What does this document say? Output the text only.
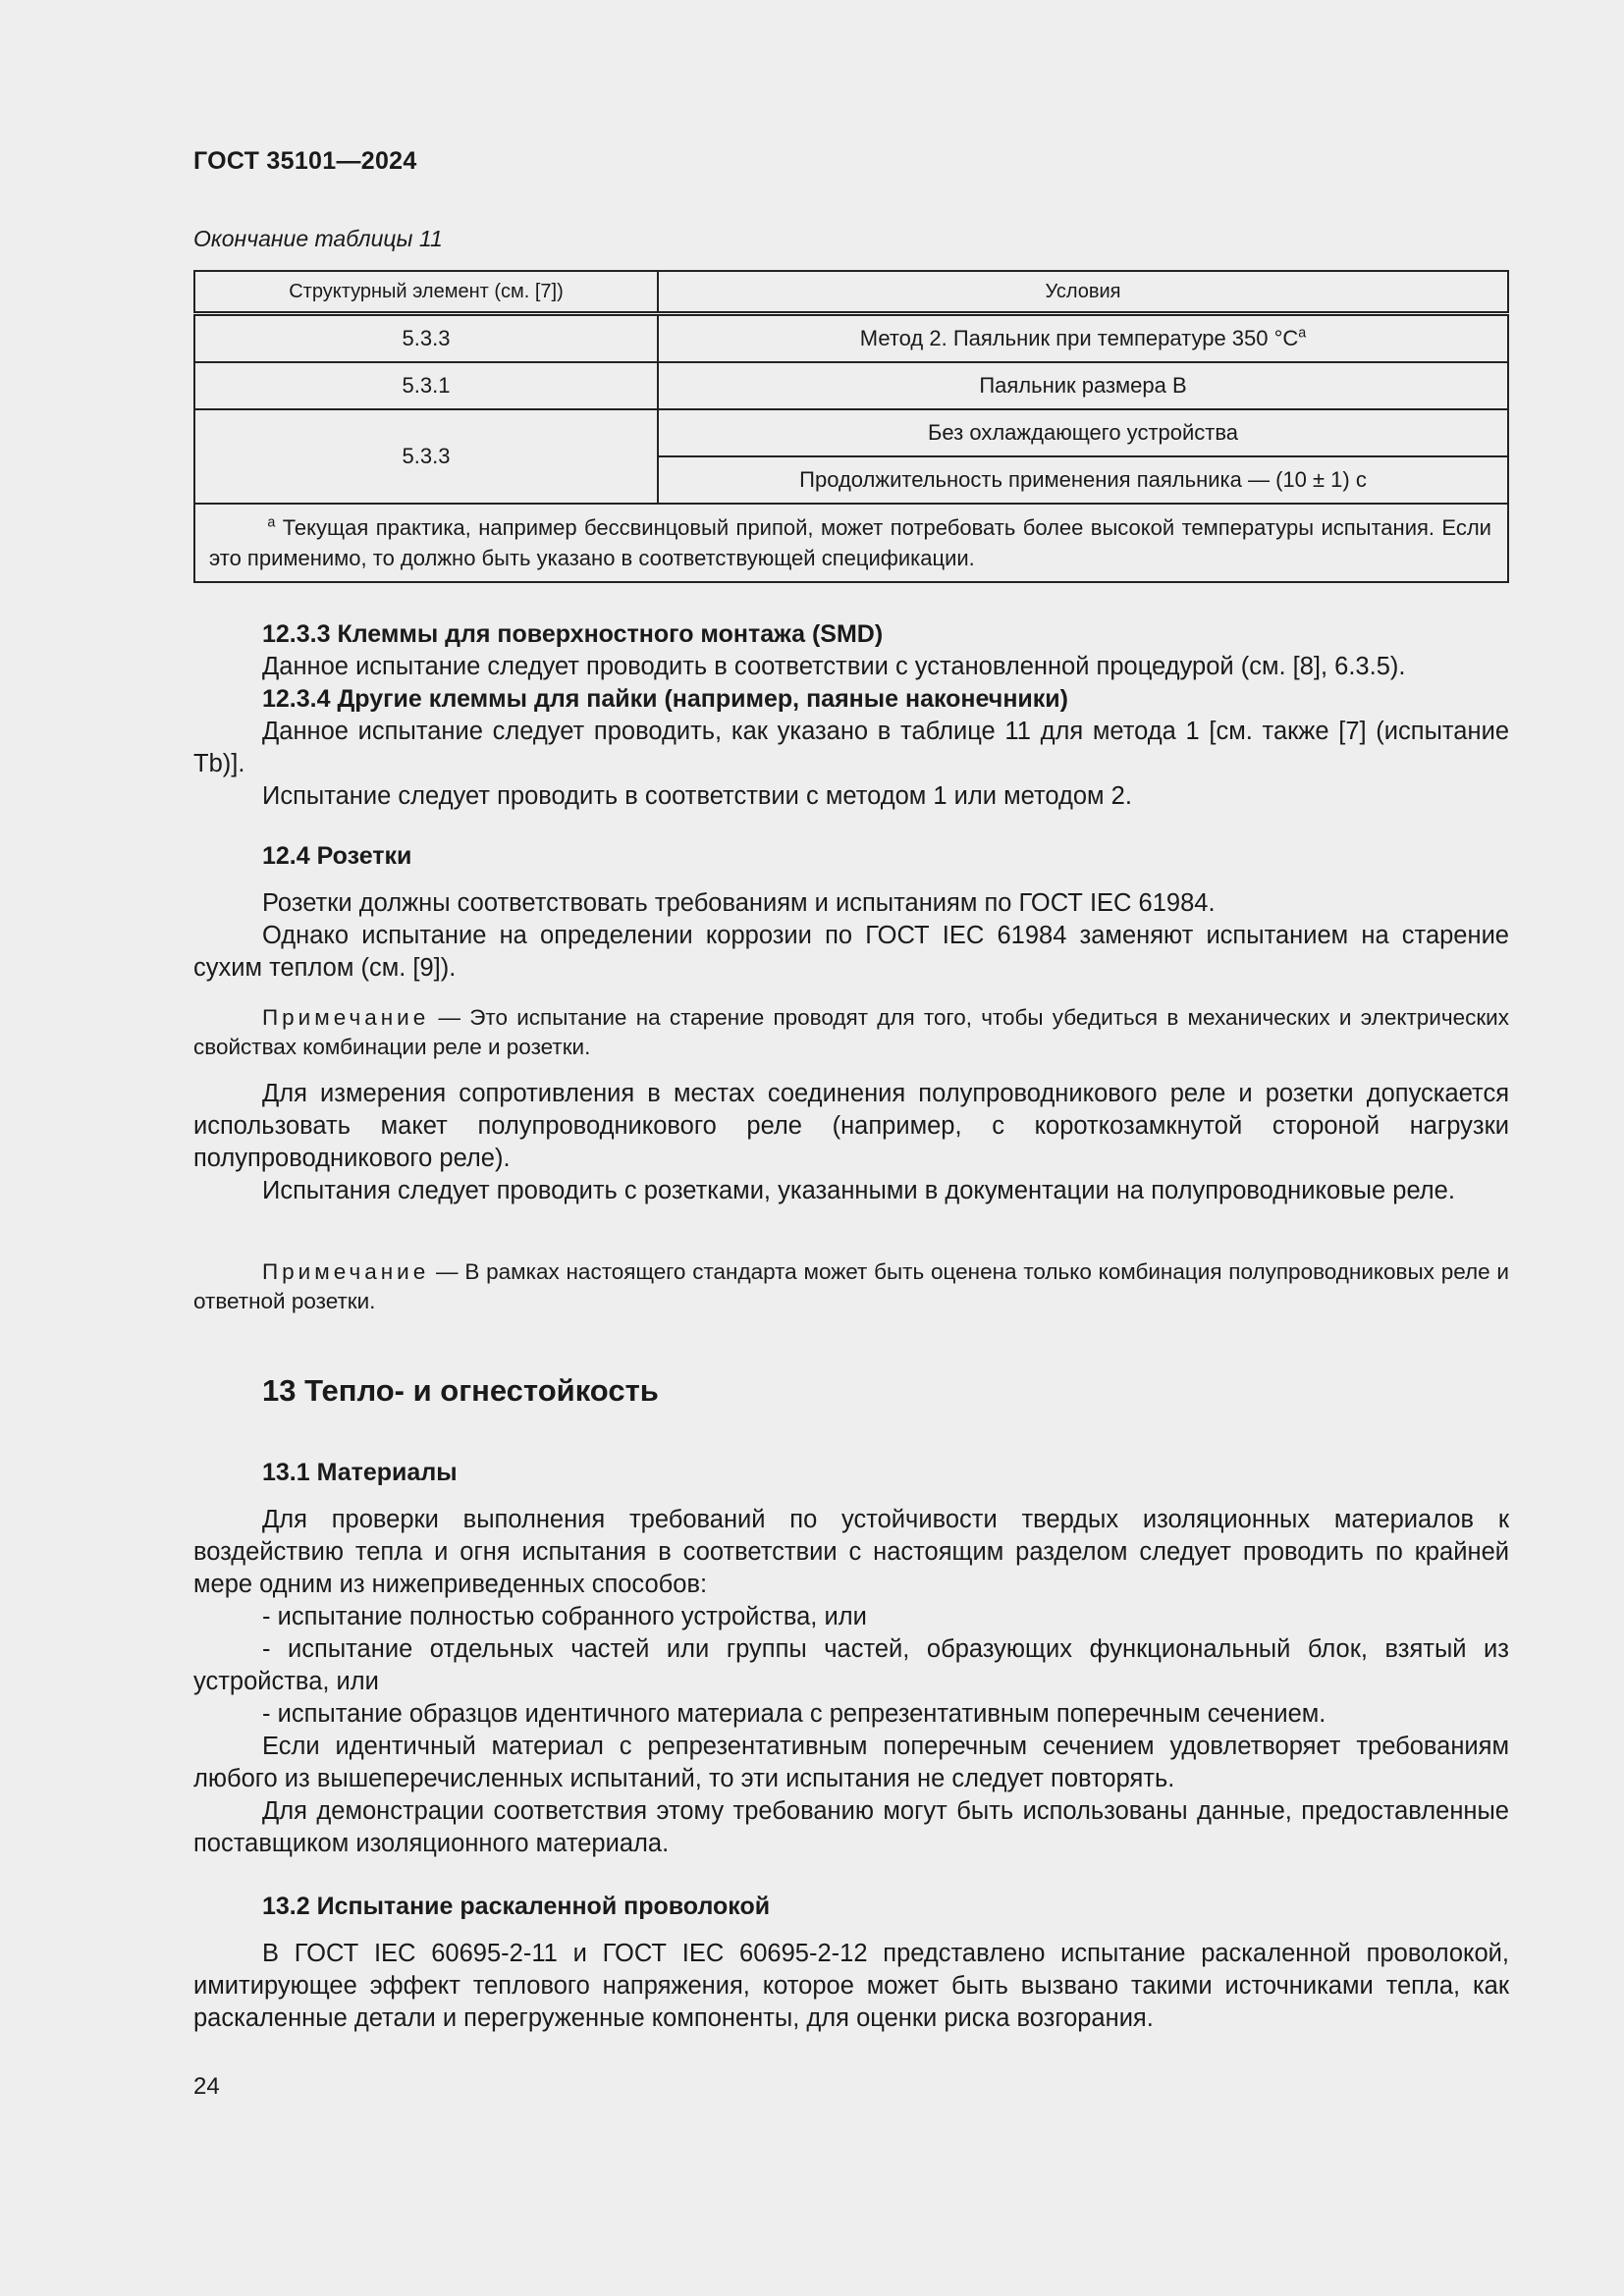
ГОСТ 35101—2024
Окончание таблицы 11
Структурный элемент (см. [7])	Условия
5.3.3	Метод 2. Паяльник при температуре 350 $^\circ C^a$
5.3.1	Паяльник размера В
5.3.3	Без охлаждающего устройства
	Продолжительность применения паяльника — (10 ± 1) с
$^a$ Текущая практика, например бессвинцовый припой, может потребовать более высокой температуры испытания. Если это применимо, то должно быть указано в соответствующей спецификации.	
12.3.3 Клеммы для поверхностного монтажа (SMD)

Данное испытание следует проводить в соответствии с установленной процедурой (см. [8], 6.3.5).

12.3.4 Другие клеммы для пайки (например, паяные наконечники)

Данное испытание следует проводить, как указано в таблице 11 для метода 1 [см. также [7] (испытание Tb)].

Испытание следует проводить в соответствии с методом 1 или методом 2.

12.4 Розетки

Розетки должны соответствовать требованиям и испытаниям по ГОСТ IEC 61984.

Однако испытание на определении коррозии по ГОСТ IEC 61984 заменяют испытанием на старение сухим теплом (см. [9]).

Примечание — Это испытание на старение проводят для того, чтобы убедиться в механических и электрических свойствах комбинации реле и розетки.

Для измерения сопротивления в местах соединения полупроводникового реле и розетки допускается использовать макет полупроводникового реле (например, с короткозамкнутой стороной нагрузки полупроводникового реле).

Испытания следует проводить с розетками, указанными в документации на полупроводниковые реле.

Примечание — В рамках настоящего стандарта может быть оценена только комбинация полупроводниковых реле и ответной розетки.

13 Тепло- и огнестойкость
13.1 Материалы

Для проверки выполнения требований по устойчивости твердых изоляционных материалов к воздействию тепла и огня испытания в соответствии с настоящим разделом следует проводить по крайней мере одним из нижеприведенных способов:

- испытание полностью собранного устройства, или

- испытание отдельных частей или группы частей, образующих функциональный блок, взятый из устройства, или

- испытание образцов идентичного материала с репрезентативным поперечным сечением.

Если идентичный материал с репрезентативным поперечным сечением удовлетворяет требованиям любого из вышеперечисленных испытаний, то эти испытания не следует повторять.

Для демонстрации соответствия этому требованию могут быть использованы данные, предоставленные поставщиком изоляционного материала.

13.2 Испытание раскаленной проволокой

В ГОСТ IEC 60695-2-11 и ГОСТ IEC 60695-2-12 представлено испытание раскаленной проволокой, имитирующее эффект теплового напряжения, которое может быть вызвано такими источниками тепла, как раскаленные детали и перегруженные компоненты, для оценки риска возгорания.

24
